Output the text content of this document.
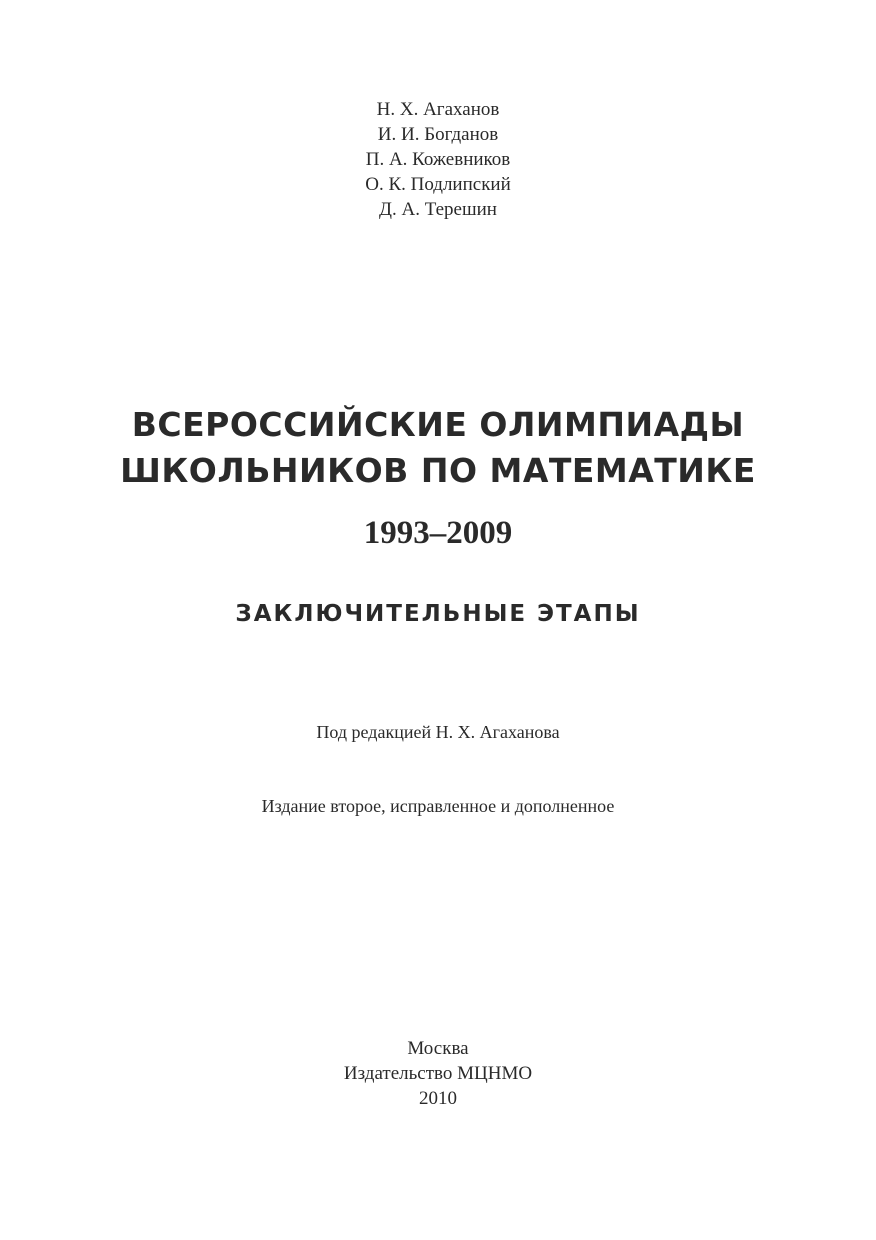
Н. Х. Агаханов
И. И. Богданов
П. А. Кожевников
О. К. Подлипский
Д. А. Терешин
ВСЕРОССИЙСКИЕ ОЛИМПИАДЫ
ШКОЛЬНИКОВ ПО МАТЕМАТИКЕ
1993–2009
ЗАКЛЮЧИТЕЛЬНЫЕ ЭТАПЫ
Под редакцией Н. Х. Агаханова
Издание второе, исправленное и дополненное
Москва
Издательство МЦНМО
2010
